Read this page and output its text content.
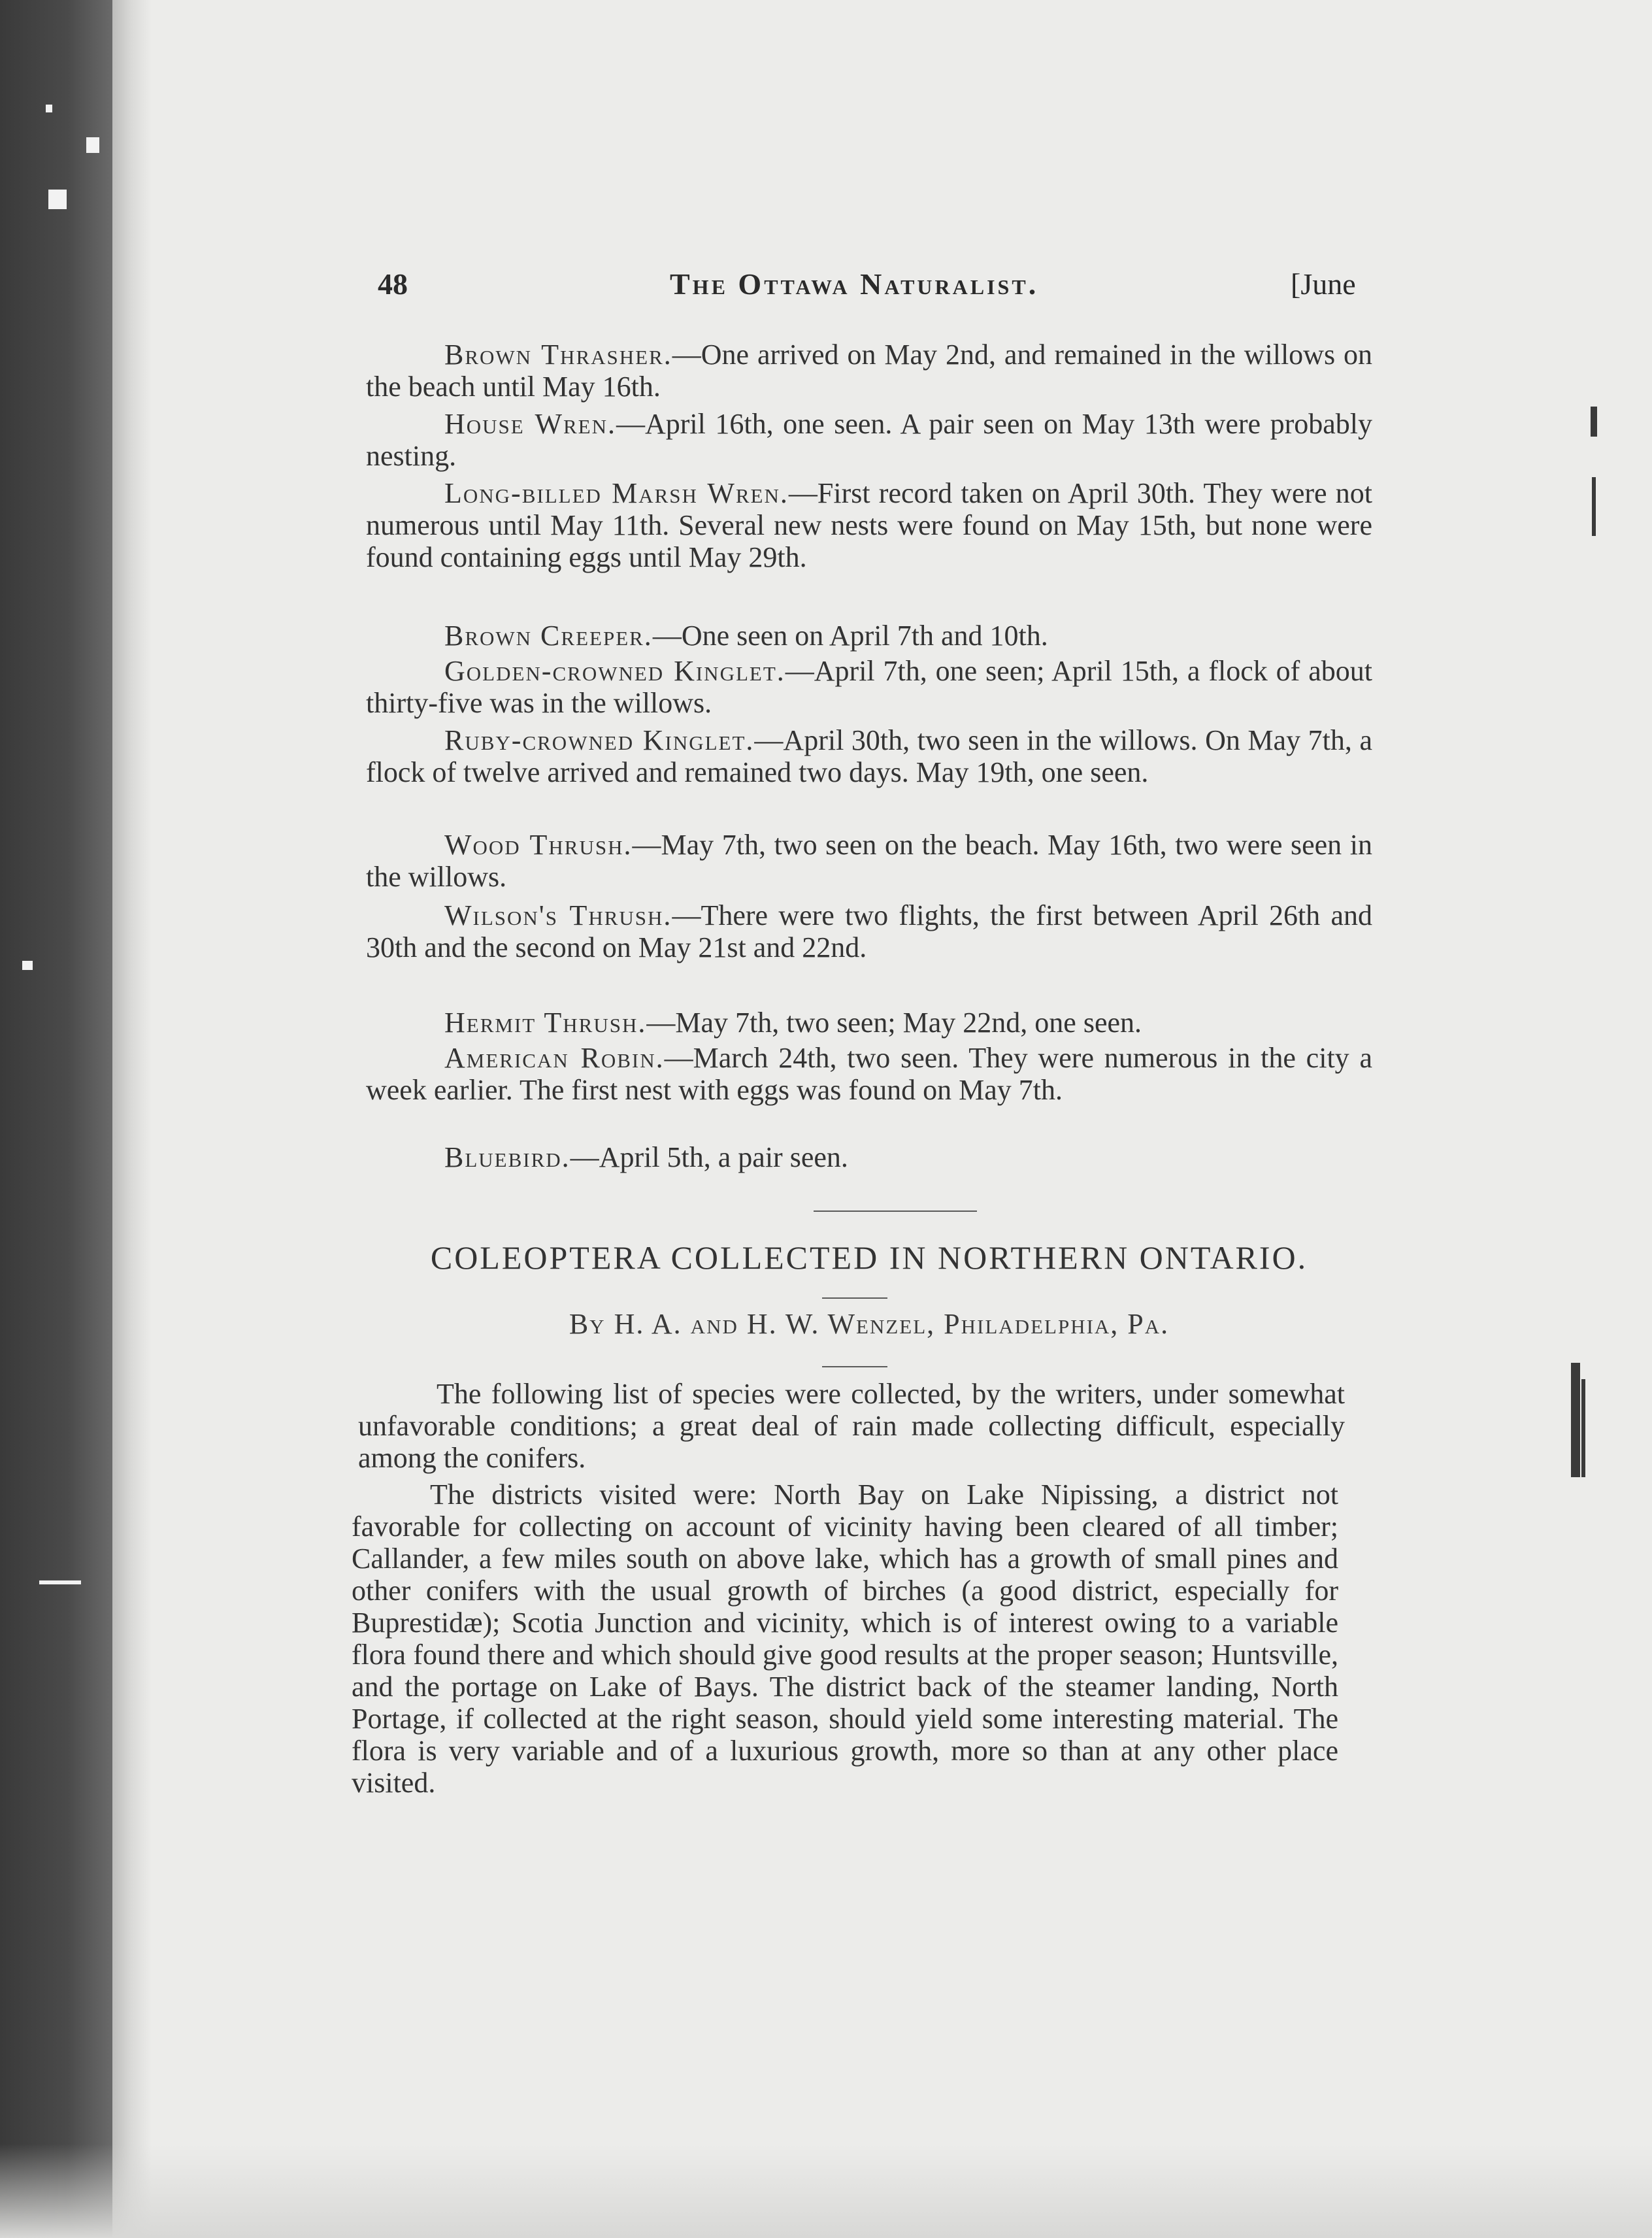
48	The Ottawa Naturalist.	[June
Brown Thrasher.—One arrived on May 2nd, and remained in the willows on the beach until May 16th.
House Wren.—April 16th, one seen. A pair seen on May 13th were probably nesting.
Long-billed Marsh Wren.—First record taken on April 30th. They were not numerous until May 11th. Several new nests were found on May 15th, but none were found containing eggs until May 29th.
Brown Creeper.—One seen on April 7th and 10th.
Golden-crowned Kinglet.—April 7th, one seen; April 15th, a flock of about thirty-five was in the willows.
Ruby-crowned Kinglet.—April 30th, two seen in the willows. On May 7th, a flock of twelve arrived and remained two days. May 19th, one seen.
Wood Thrush.—May 7th, two seen on the beach. May 16th, two were seen in the willows.
Wilson's Thrush.—There were two flights, the first between April 26th and 30th and the second on May 21st and 22nd.
Hermit Thrush.—May 7th, two seen; May 22nd, one seen.
American Robin.—March 24th, two seen. They were numerous in the city a week earlier. The first nest with eggs was found on May 7th.
Bluebird.—April 5th, a pair seen.
COLEOPTERA COLLECTED IN NORTHERN ONTARIO.
By H. A. and H. W. Wenzel, Philadelphia, Pa.
The following list of species were collected, by the writers, under somewhat unfavorable conditions; a great deal of rain made collecting difficult, especially among the conifers.
The districts visited were: North Bay on Lake Nipissing, a district not favorable for collecting on account of vicinity having been cleared of all timber; Callander, a few miles south on above lake, which has a growth of small pines and other conifers with the usual growth of birches (a good district, especially for Buprestidæ); Scotia Junction and vicinity, which is of interest owing to a variable flora found there and which should give good results at the proper season; Huntsville, and the portage on Lake of Bays. The district back of the steamer landing, North Portage, if collected at the right season, should yield some interesting material. The flora is very variable and of a luxurious growth, more so than at any other place visited.
